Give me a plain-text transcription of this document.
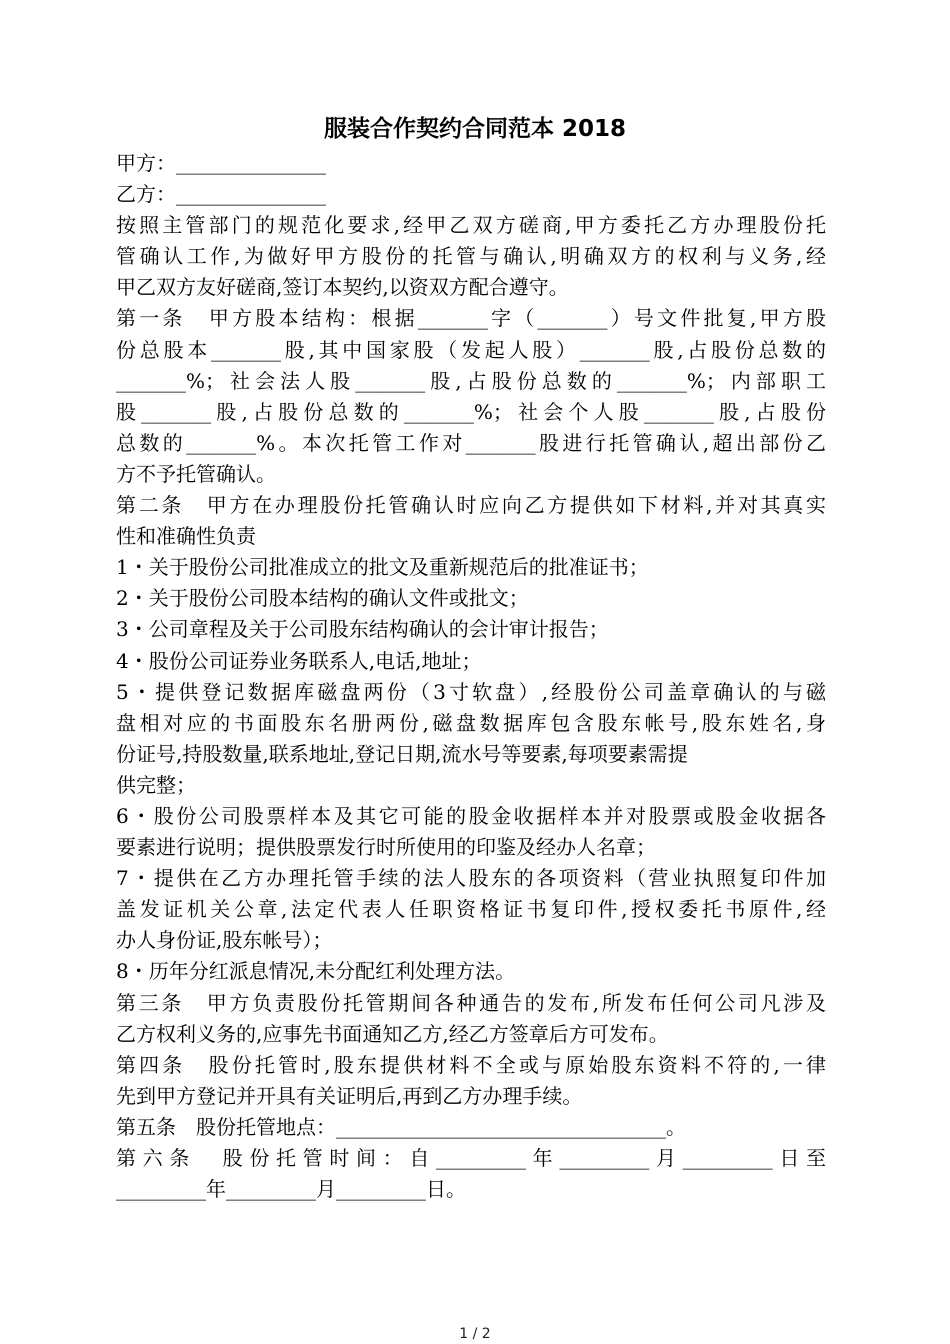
服装合作契约合同范本 2018
甲方：_______________
乙方：_______________
按照主管部门的规范化要求,经甲乙双方磋商,甲方委托乙方办理股份托
管确认工作,为做好甲方股份的托管与确认,明确双方的权利与义务,经
甲乙双方友好磋商,签订本契约,以资双方配合遵守。
第一条　甲方股本结构：根据_______字（_______）号文件批复,甲方股
份总股本_______股,其中国家股（发起人股）_______股,占股份总数的
_______%；社会法人股_______股,占股份总数的_______%；内部职工
股_______股,占股份总数的_______%；社会个人股_______股,占股份
总数的_______%。本次托管工作对_______股进行托管确认,超出部份乙
方不予托管确认。
第二条　甲方在办理股份托管确认时应向乙方提供如下材料,并对其真实
性和准确性负责
1・关于股份公司批准成立的批文及重新规范后的批准证书；
2・关于股份公司股本结构的确认文件或批文；
3・公司章程及关于公司股东结构确认的会计审计报告；
4・股份公司证券业务联系人,电话,地址；
5・提供登记数据库磁盘两份（3寸软盘）,经股份公司盖章确认的与磁
盘相对应的书面股东名册两份,磁盘数据库包含股东帐号,股东姓名,身
份证号,持股数量,联系地址,登记日期,流水号等要素,每项要素需提
供完整；
6・股份公司股票样本及其它可能的股金收据样本并对股票或股金收据各
要素进行说明；提供股票发行时所使用的印鉴及经办人名章；
7・提供在乙方办理托管手续的法人股东的各项资料（营业执照复印件加
盖发证机关公章,法定代表人任职资格证书复印件,授权委托书原件,经
办人身份证,股东帐号）；
8・历年分红派息情况,未分配红利处理方法。
第三条　甲方负责股份托管期间各种通告的发布,所发布任何公司凡涉及
乙方权利义务的,应事先书面通知乙方,经乙方签章后方可发布。
第四条　股份托管时,股东提供材料不全或与原始股东资料不符的,一律
先到甲方登记并开具有关证明后,再到乙方办理手续。
第五条　股份托管地点：_________________________________。
第六条　股份托管时间：自_________年_________月_________日至
_________年_________月_________日。
1 / 2
